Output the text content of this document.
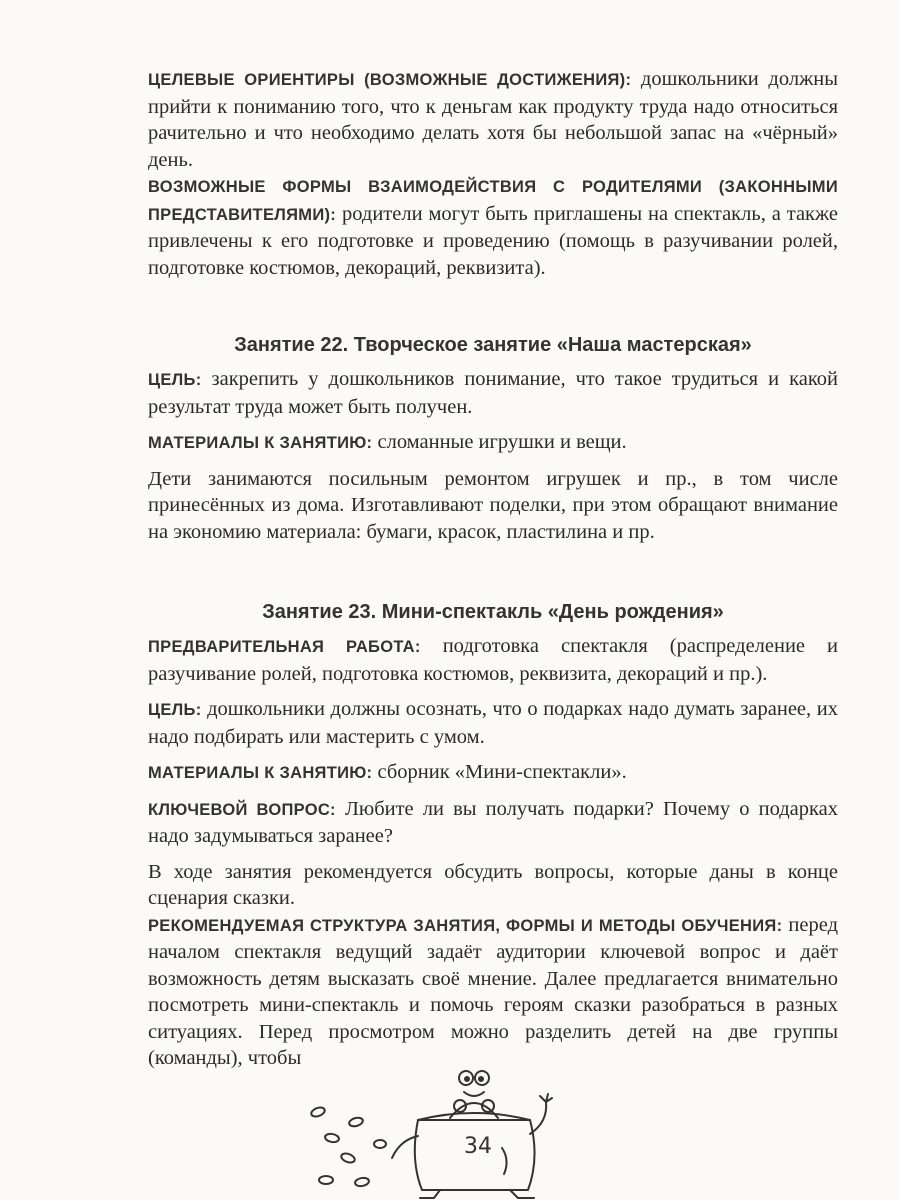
ЦЕЛЕВЫЕ ОРИЕНТИРЫ (ВОЗМОЖНЫЕ ДОСТИЖЕНИЯ): дошкольники должны прийти к пониманию того, что к деньгам как продукту труда надо относиться рачительно и что необходимо делать хотя бы небольшой запас на «чёрный» день.

ВОЗМОЖНЫЕ ФОРМЫ ВЗАИМОДЕЙСТВИЯ С РОДИТЕЛЯМИ (ЗАКОННЫМИ ПРЕДСТАВИТЕЛЯМИ): родители могут быть приглашены на спектакль, а также привлечены к его подготовке и проведению (помощь в разучивании ролей, подготовке костюмов, декораций, реквизита).

Занятие 22. Творческое занятие «Наша мастерская»

ЦЕЛЬ: закрепить у дошкольников понимание, что такое трудиться и какой результат труда может быть получен.

МАТЕРИАЛЫ К ЗАНЯТИЮ: сломанные игрушки и вещи.

Дети занимаются посильным ремонтом игрушек и пр., в том числе принесённых из дома. Изготавливают поделки, при этом обращают внимание на экономию материала: бумаги, красок, пластилина и пр.

Занятие 23. Мини-спектакль «День рождения»

ПРЕДВАРИТЕЛЬНАЯ РАБОТА: подготовка спектакля (распределение и разучивание ролей, подготовка костюмов, реквизита, декораций и пр.).

ЦЕЛЬ: дошкольники должны осознать, что о подарках надо думать заранее, их надо подбирать или мастерить с умом.

МАТЕРИАЛЫ К ЗАНЯТИЮ: сборник «Мини-спектакли».

КЛЮЧЕВОЙ ВОПРОС: Любите ли вы получать подарки? Почему о подарках надо задумываться заранее?

В ходе занятия рекомендуется обсудить вопросы, которые даны в конце сценария сказки.

РЕКОМЕНДУЕМАЯ СТРУКТУРА ЗАНЯТИЯ, ФОРМЫ И МЕТОДЫ ОБУЧЕНИЯ: перед началом спектакля ведущий задаёт аудитории ключевой вопрос и даёт возможность детям высказать своё мнение. Далее предлагается внимательно посмотреть мини-спектакль и помочь героям сказки разобраться в разных ситуациях. Перед просмотром можно разделить детей на две группы (команды), чтобы

34
